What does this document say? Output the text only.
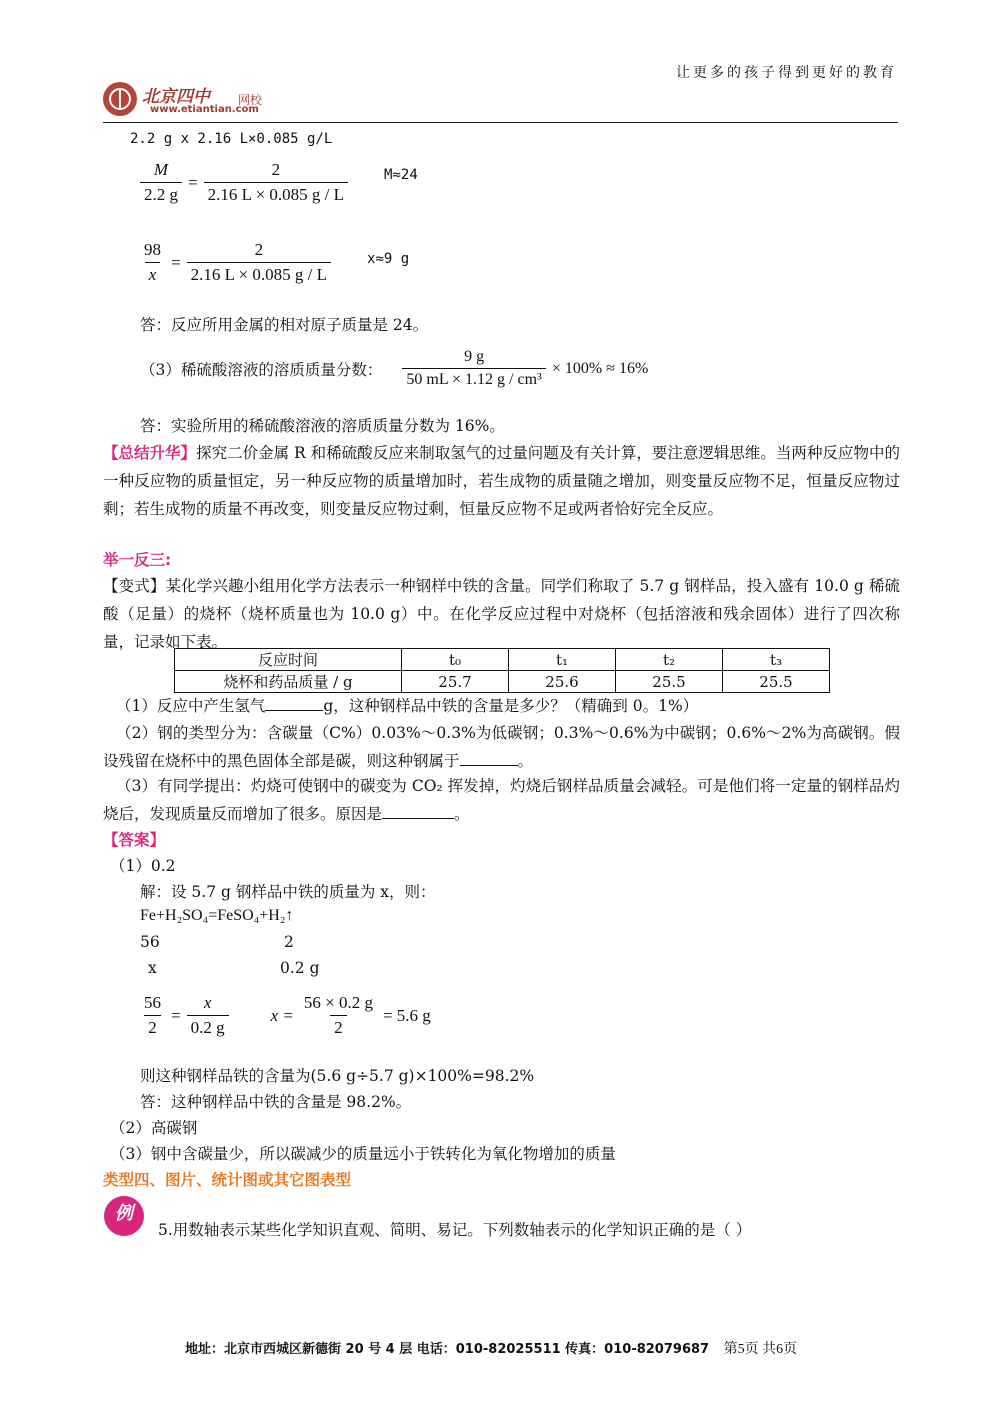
北京四中 网校
www.etiantian.com
让更多的孩子得到更好的教育
2.2 g x 2.16 L×0.085 g/L
$\frac{M}{2.2 g} = \frac{2}{2.16 L \times 0.085 g / L}$	M≈24
$\frac{98}{x} = \frac{2}{2.16 L \times 0.085 g / L}$	x≈9 g
答：反应所用金属的相对原子质量是 24。
（3）稀硫酸溶液的溶质质量分数： $\frac{9 g}{\text{50 mL × 1.12 g / cm³}} \times 100\% \approx 16\%$
答：实验所用的稀硫酸溶液的溶质质量分数为 16%。
【总结升华】探究二价金属 R 和稀硫酸反应来制取氢气的过量问题及有关计算，要注意逻辑思维。当两种反应物中的一种反应物的质量恒定，另一种反应物的质量增加时，若生成物的质量随之增加，则变量反应物不足，恒量反应物过剩；若生成物的质量不再改变，则变量反应物过剩，恒量反应物不足或两者恰好完全反应。
举一反三:
【变式】某化学兴趣小组用化学方法表示一种钢样中铁的含量。同学们称取了 5.7 g 钢样品，投入盛有 10.0 g 稀硫酸（足量）的烧杯（烧杯质量也为 10.0 g）中。在化学反应过程中对烧杯（包括溶液和残余固体）进行了四次称量，记录如下表。
反应时间	t₀	t₁	t₂	t₃
烧杯和药品质量 / g	25.7	25.6	25.5	25.5
（1）反应中产生氢气	g，这种钢样品中铁的含量是多少？（精确到 0。1%）
（2）钢的类型分为：含碳量（C%）0.03%～0.3%为低碳钢；0.3%～0.6%为中碳钢；0.6%～2%为高碳钢。假设残留在烧杯中的黑色固体全部是碳，则这种钢属于	。
（3）有同学提出：灼烧可使钢中的碳变为 CO₂ 挥发掉，灼烧后钢样品质量会减轻。可是他们将一定量的钢样品灼烧后，发现质量反而增加了很多。原因是	。
【答案】
（1）0.2
解：设 5.7 g 钢样品中铁的质量为 x，则：
Fe+H₂SO₄=FeSO₄+H₂↑
56	2
x	0.2 g
$\frac{56}{2} = \frac{x}{0.2 g}$ $x = \frac{56 \times 0.2 g}{2} = 5.6$ g
则这种钢样品铁的含量为(5.6 g÷5.7 g)×100%=98.2%
答：这种钢样品中铁的含量是 98.2%。
（2）高碳钢
（3）钢中含碳量少，所以碳减少的质量远小于铁转化为氧化物增加的质量
类型四、图片、统计图或其它图表型
例
5.用数轴表示某些化学知识直观、简明、易记。下列数轴表示的化学知识正确的是（ ）
地址：北京市西城区新德街 20 号 4 层 电话：010-82025511 传真：010-82079687 第5页 共6页
